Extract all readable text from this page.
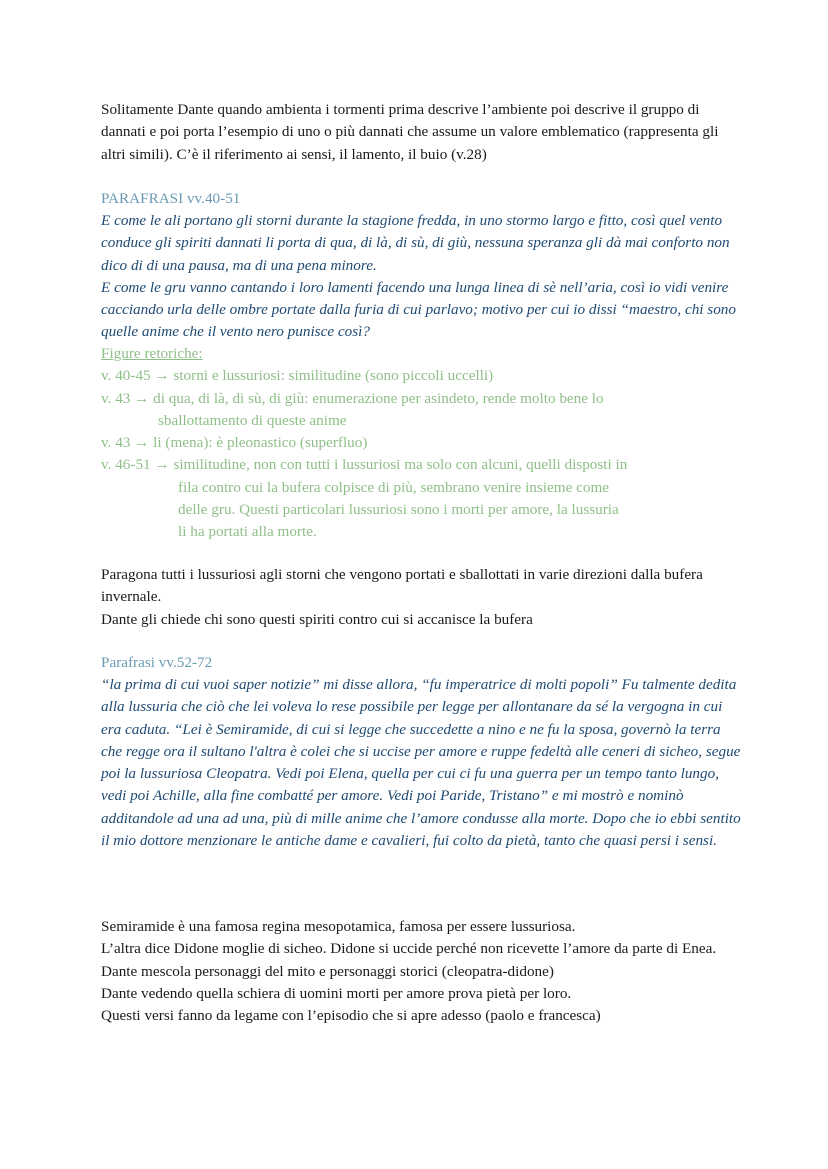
Solitamente Dante quando ambienta i tormenti prima descrive l’ambiente poi descrive il gruppo di dannati e poi porta l’esempio di uno o più dannati che assume un valore emblematico (rappresenta gli altri simili). C’è il riferimento ai sensi, il lamento, il buio (v.28)

PARAFRASI vv.40-51

E come le ali portano gli storni durante la stagione fredda, in uno stormo largo e fitto, così quel vento conduce gli spiriti dannati li porta di qua, di là, di sù, di giù, nessuna speranza gli dà mai conforto non dico di di una pausa, ma di una pena minore.

E come le gru vanno cantando i loro lamenti facendo una lunga linea di sè nell’aria, così io vidi venire cacciando urla delle ombre portate dalla furia di cui parlavo; motivo per cui io dissi “maestro, chi sono quelle anime che il vento nero punisce così?

Figure retoriche:
v. 40-45 → storni e lussuriosi: similitudine (sono piccoli uccelli)
v. 43 → di qua, di là, di sù, di giù: enumerazione per asindeto, rende molto bene lo
sballottamento di queste anime
v. 43 → li (mena): è pleonastico (superfluo)
v. 46-51 → similitudine, non con tutti i lussuriosi ma solo con alcuni, quelli disposti in
fila contro cui la bufera colpisce di più, sembrano venire insieme come
delle gru. Questi particolari lussuriosi sono i morti per amore, la lussuria
li ha portati alla morte.

Paragona tutti i lussuriosi agli storni che vengono portati e sballottati in varie direzioni dalla bufera invernale.

Dante gli chiede chi sono questi spiriti contro cui si accanisce la bufera

Parafrasi vv.52-72

“la prima di cui vuoi saper notizie” mi disse allora, “fu imperatrice di molti popoli” Fu talmente dedita alla lussuria che ciò che lei voleva lo rese possibile per legge per allontanare da sé la vergogna in cui era caduta. “Lei è Semiramide, di cui si legge che succedette a nino e ne fu la sposa, governò la terra che regge ora il sultano l'altra è colei che si uccise per amore e ruppe fedeltà alle ceneri di sicheo, segue poi la lussuriosa Cleopatra. Vedi poi Elena, quella per cui ci fu una guerra per un tempo tanto lungo, vedi poi Achille, alla fine combatté per amore. Vedi poi Paride, Tristano” e mi mostrò e nominò additandole ad una ad una, più di mille anime che l’amore condusse alla morte. Dopo che io ebbi sentito il mio dottore menzionare le antiche dame e cavalieri, fui colto da pietà, tanto che quasi persi i sensi.

Semiramide è una famosa regina mesopotamica, famosa per essere lussuriosa.

L’altra dice Didone moglie di sicheo. Didone si uccide perché non ricevette l’amore da parte di Enea.

Dante mescola personaggi del mito e personaggi storici (cleopatra-didone)

Dante vedendo quella schiera di uomini morti per amore prova pietà per loro.

Questi versi fanno da legame con l’episodio che si apre adesso (paolo e francesca)
